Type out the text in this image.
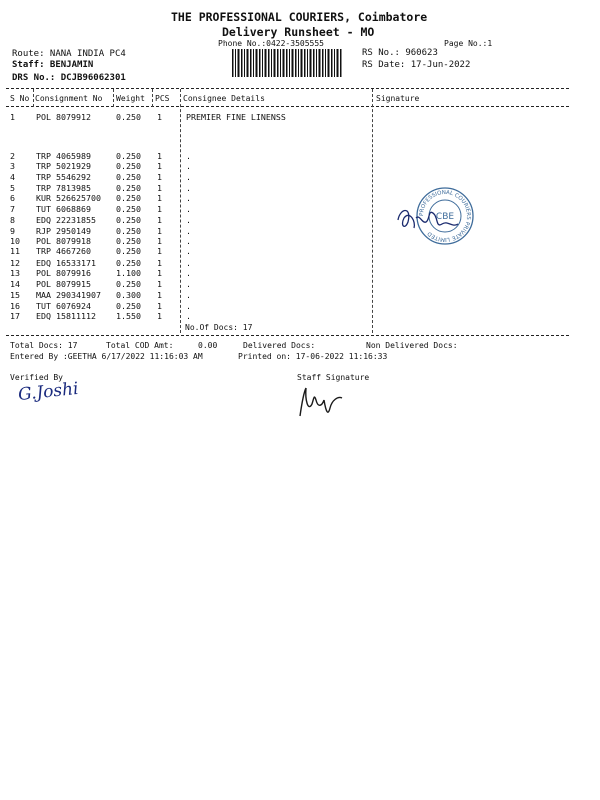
THE PROFESSIONAL COURIERS, Coimbatore
Delivery Runsheet - MO
Phone No.:0422-3505555	Page No.:1
Route: NANA INDIA PC4
Staff: BENJAMIN
DRS No.: DCJB96062301
RS No.: 960623
RS Date: 17-Jun-2022
S No Consignment No Weight PCS Consignee Details	Signature
1	POL 8079912	0.250 1	PREMIER FINE LINENSS
2	TRP 4065989	0.250 1	.
3	TRP 5021929	0.250 1	.
4	TRP 5546292	0.250 1	.
5	TRP 7813985	0.250 1	.
6	KUR 526625700 0.250 1	.
7	TUT 6068869	0.250 1	.
8	EDQ 22231855 0.250 1	.
9	RJP 2950149	0.250 1	.
10 POL 8079918	0.250 1	.
11 TRP 4667260	0.250 1	.
12 EDQ 16533171 0.250 1	.
13 POL 8079916	1.100 1	.
14 POL 8079915	0.250 1	.
15 MAA 290341907 0.300 1	.
16 TUT 6076924	0.250 1	.
17 EDQ 15811112 1.550 1	.
No.Of Docs: 17
PROFESSIONAL COURIERS PRIVATE LIMITED
CBE
Total Docs: 17	Total COD Amt:	0.00	Delivered Docs:	Non Delivered Docs:
Entered By :GEETHA 6/17/2022 11:16:03 AM	Printed on: 17-06-2022 11:16:33
Verified By	Staff Signature
G.Joshi
